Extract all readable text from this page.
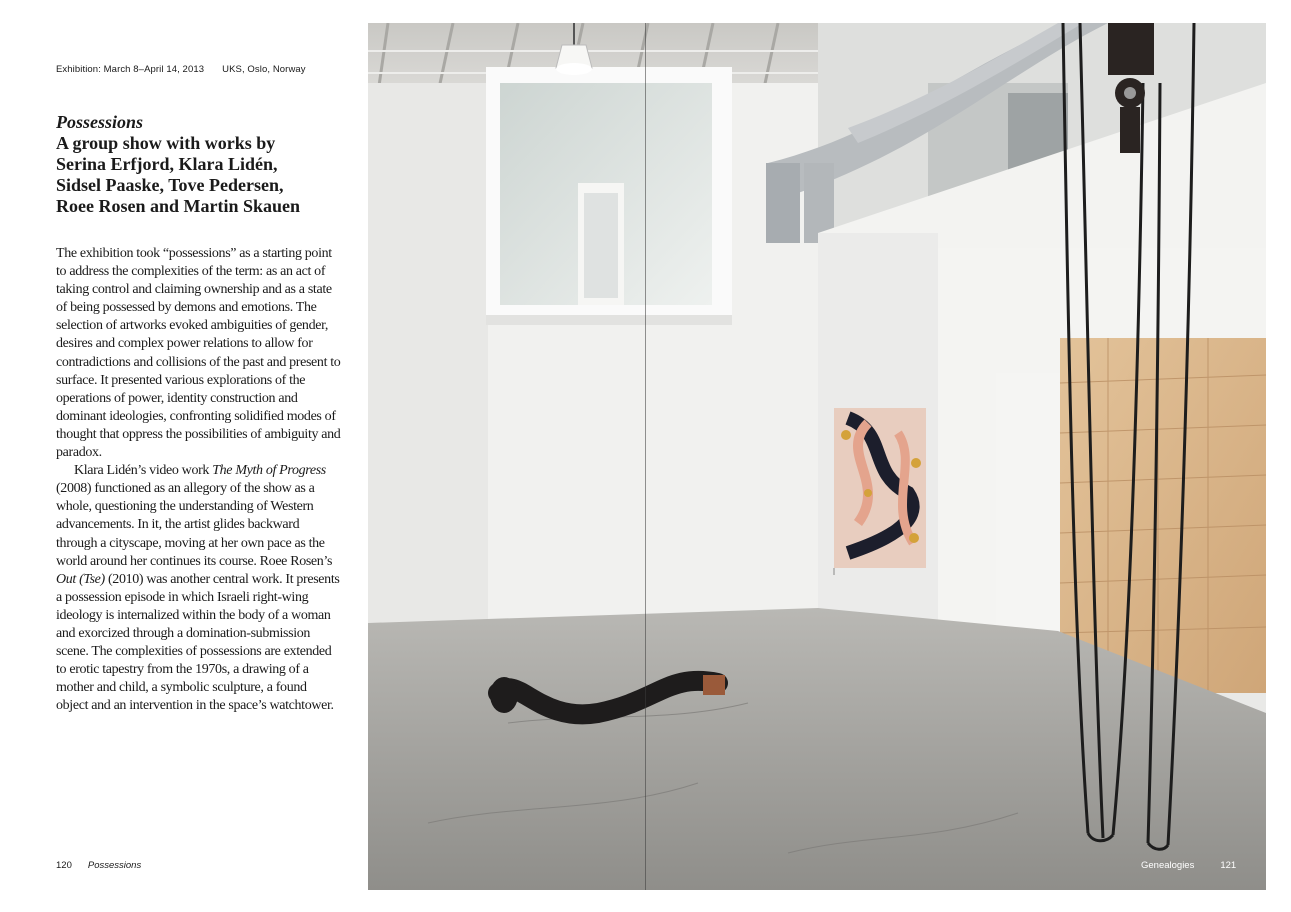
Exhibition: March 8–April 14, 2013 UKS, Oslo, Norway
Possessions
A group show with works by
Serina Erfjord, Klara Lidén,
Sidsel Paaske, Tove Pedersen,
Roee Rosen and Martin Skauen

The exhibition took “possessions” as a starting point to address the complexities of the term: as an act of taking control and claiming ownership and as a state of being possessed by demons and emotions. The selection of artworks evoked ambiguities of gender, desires and complex power relations to allow for contradictions and collisions of the past and present to surface. It presented various explorations of the operations of power, identity construction and dominant ideologies, confronting solidified modes of thought that oppress the possibilities of ambiguity and paradox.

Klara Lidén’s video work The Myth of Progress (2008) functioned as an allegory of the show as a whole, questioning the understanding of Western advancements. In it, the artist glides backward through a cityscape, moving at her own pace as the world around her continues its course. Roee Rosen’s Out (Tse) (2010) was another central work. It presents a possession episode in which Israeli right-wing ideology is internalized within the body of a woman and exorcized through a domination-submission scene. The complexities of possessions are extended to erotic tapestry from the 1970s, a drawing of a mother and child, a symbolic sculpture, a found object and an intervention in the space’s watchtower.

120 Possessions	Genealogies	121
